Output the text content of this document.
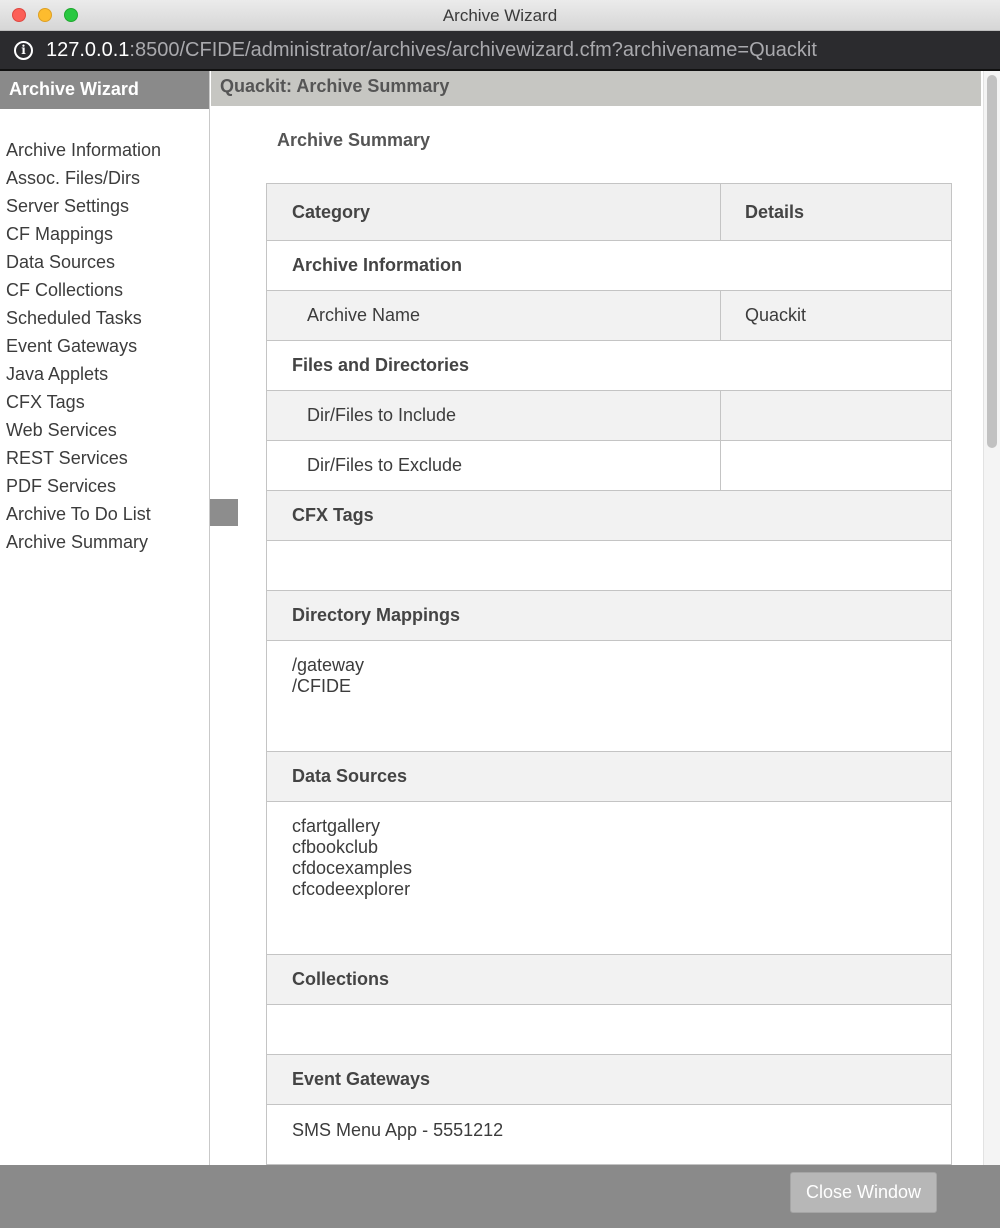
Archive Wizard
i	127.0.0.1:8500/CFIDE/administrator/archives/archivewizard.cfm?archivename=Quackit
Archive Wizard
Archive Information
Assoc. Files/Dirs
Server Settings
CF Mappings
Data Sources
CF Collections
Scheduled Tasks
Event Gateways
Java Applets
CFX Tags
Web Services
REST Services
PDF Services
Archive To Do List
Archive Summary
Quackit: Archive Summary
Archive Summary
Category	Details
Archive Information	
Archive Name	Quackit
Files and Directories	
Dir/Files to Include	
Dir/Files to Exclude	
CFX Tags	

Directory Mappings	

/gateway
/CFIDE	

Data Sources	

cfartgallery
cfbookclub
cfdocexamples
cfcodeexplorer	

Collections	

Event Gateways	

SMS Menu App - 5551212	
Close Window
